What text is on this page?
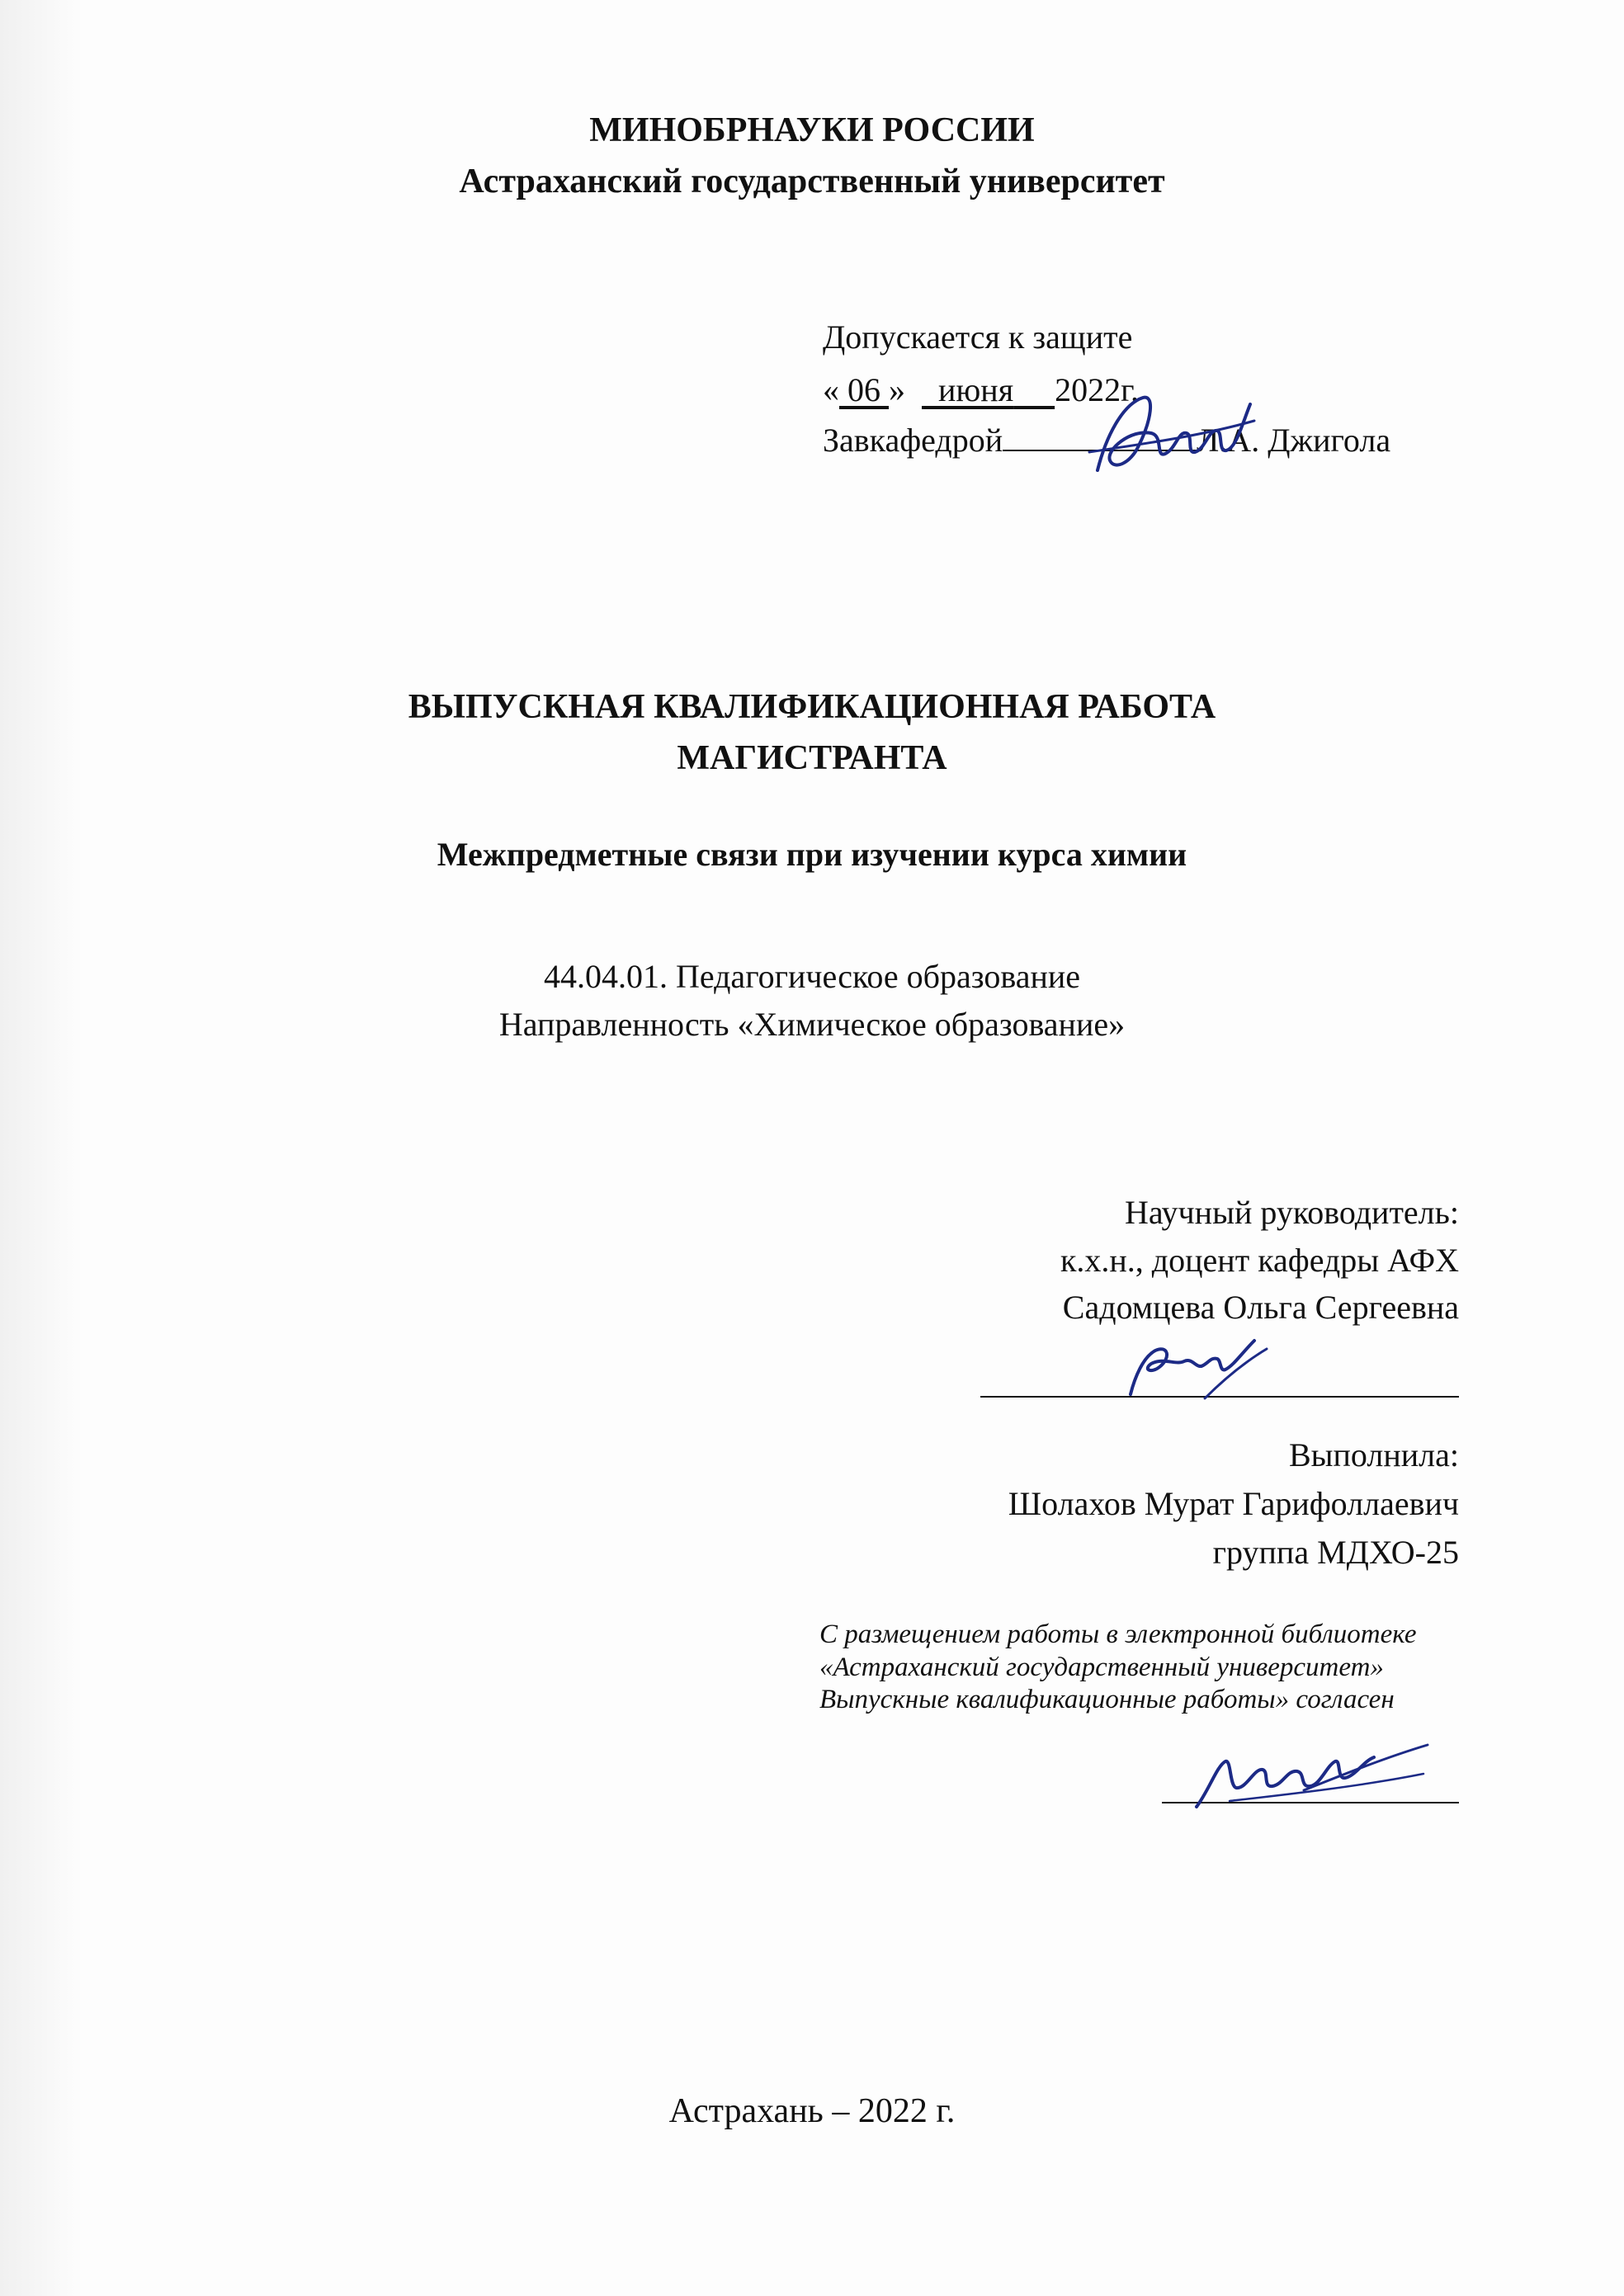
МИНОБРНАУКИ РОССИИ
Астраханский государственный университет
Допускается к защите
« 06 » июня 2022г.
Завкафедрой	Л.А. Джигола
ВЫПУСКНАЯ КВАЛИФИКАЦИОННАЯ РАБОТА
МАГИСТРАНТА
Межпредметные связи при изучении курса химии
44.04.01. Педагогическое образование
Направленность «Химическое образование»
Научный руководитель:
к.х.н., доцент кафедры АФХ
Садомцева Ольга Сергеевна
Выполнила:
Шолахов Мурат Гарифоллаевич
группа МДХО-25
С размещением работы в электронной библиотеке «Астраханский государственный университет» Выпускные квалификационные работы» согласен
Астрахань – 2022 г.
